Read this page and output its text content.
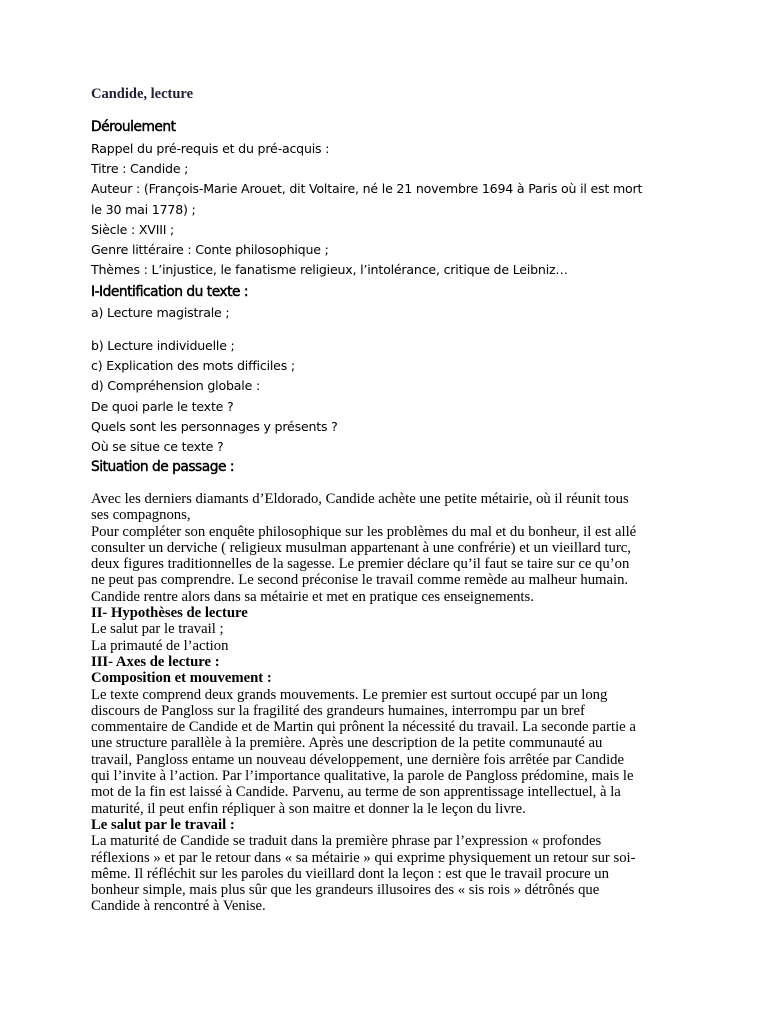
Candide, lecture
Déroulement
Rappel du pré-requis et du pré-acquis :
Titre : Candide ;
Auteur : (François-Marie Arouet, dit Voltaire, né le 21 novembre 1694 à Paris où il est mort
le 30 mai 1778) ;
Siècle : XVIII ;
Genre littéraire : Conte philosophique ;
Thèmes : L’injustice, le fanatisme religieux, l’intolérance, critique de Leibniz…
I-Identification du texte :
a) Lecture magistrale ;
b) Lecture individuelle ;
c) Explication des mots difficiles ;
d) Compréhension globale :
De quoi parle le texte ?
Quels sont les personnages y présents ?
Où se situe ce texte ?
Situation de passage :
Avec les derniers diamants d’Eldorado, Candide achète une petite métairie, où il réunit tous
ses compagnons,
Pour compléter son enquête philosophique sur les problèmes du mal et du bonheur, il est allé
consulter un derviche ( religieux musulman appartenant à une confrérie) et un vieillard turc,
deux figures traditionnelles de la sagesse. Le premier déclare qu’il faut se taire sur ce qu’on
ne peut pas comprendre. Le second préconise le travail comme remède au malheur humain.
Candide rentre alors dans sa métairie et met en pratique ces enseignements.
II- Hypothèses de lecture
Le salut par le travail ;
La primauté de l’action
III- Axes de lecture :
Composition et mouvement :
Le texte comprend deux grands mouvements. Le premier est surtout occupé par un long
discours de Pangloss sur la fragilité des grandeurs humaines, interrompu par un bref
commentaire de Candide et de Martin qui prônent la nécessité du travail. La seconde partie a
une structure parallèle à la première. Après une description de la petite communauté au
travail, Pangloss entame un nouveau développement, une dernière fois arrêtée par Candide
qui l’invite à l’action. Par l’importance qualitative, la parole de Pangloss prédomine, mais le
mot de la fin est laissé à Candide. Parvenu, au terme de son apprentissage intellectuel, à la
maturité, il peut enfin répliquer à son maitre et donner la le leçon du livre.
Le salut par le travail :
La maturité de Candide se traduit dans la première phrase par l’expression « profondes
réflexions » et par le retour dans « sa métairie » qui exprime physiquement un retour sur soi-
même. Il réfléchit sur les paroles du vieillard dont la leçon : est que le travail procure un
bonheur simple, mais plus sûr que les grandeurs illusoires des « sis rois » détrônés que
Candide à rencontré à Venise.
